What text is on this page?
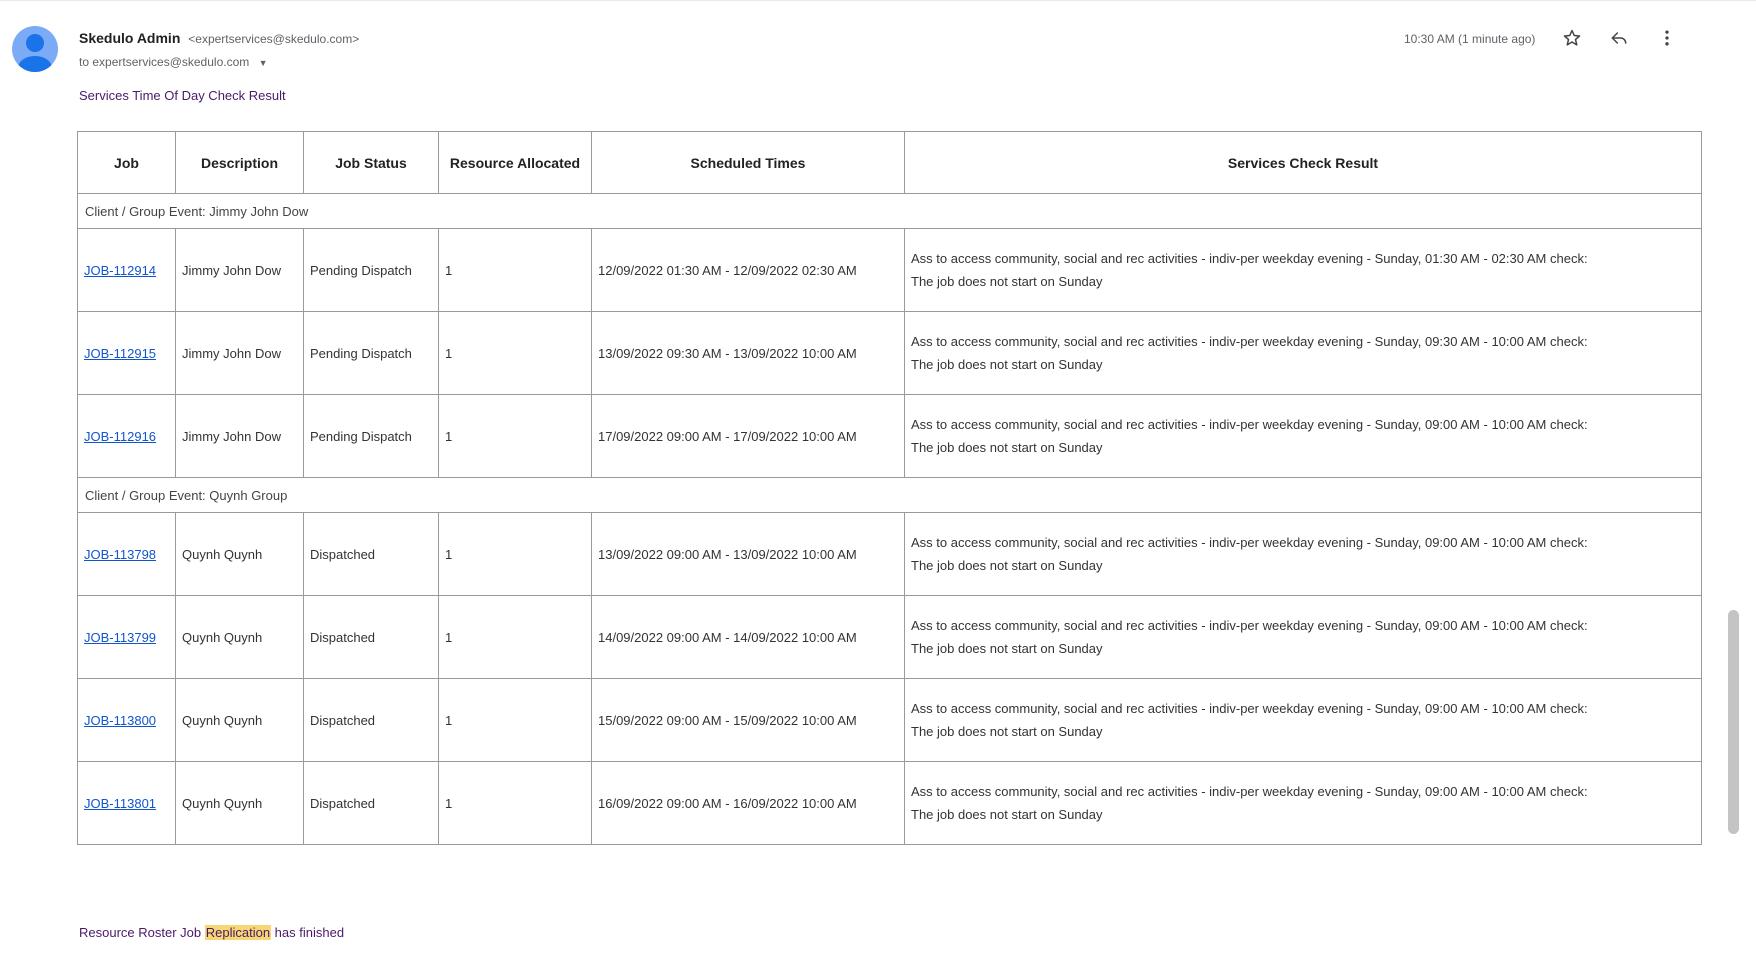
Skedulo Admin <expertservices@skedulo.com>
to expertservices@skedulo.com ▼
10:30 AM (1 minute ago)
Services Time Of Day Check Result
Job	Description	Job Status	Resource Allocated	Scheduled Times	Services Check Result
Client / Group Event: Jimmy John Dow					
JOB-112914	Jimmy John Dow	Pending Dispatch	1	12/09/2022 01:30 AM - 12/09/2022 02:30 AM	Ass to access community, social and rec activities - indiv-per weekday evening - Sunday, 01:30 AM - 02:30 AM check:
The job does not start on Sunday

JOB-112915	Jimmy John Dow	Pending Dispatch	1	13/09/2022 09:30 AM - 13/09/2022 10:00 AM	Ass to access community, social and rec activities - indiv-per weekday evening - Sunday, 09:30 AM - 10:00 AM check:
The job does not start on Sunday

JOB-112916	Jimmy John Dow	Pending Dispatch	1	17/09/2022 09:00 AM - 17/09/2022 10:00 AM	Ass to access community, social and rec activities - indiv-per weekday evening - Sunday, 09:00 AM - 10:00 AM check:
The job does not start on Sunday

Client / Group Event: Quynh Group					
JOB-113798	Quynh Quynh	Dispatched	1	13/09/2022 09:00 AM - 13/09/2022 10:00 AM	Ass to access community, social and rec activities - indiv-per weekday evening - Sunday, 09:00 AM - 10:00 AM check:
The job does not start on Sunday

JOB-113799	Quynh Quynh	Dispatched	1	14/09/2022 09:00 AM - 14/09/2022 10:00 AM	Ass to access community, social and rec activities - indiv-per weekday evening - Sunday, 09:00 AM - 10:00 AM check:
The job does not start on Sunday

JOB-113800	Quynh Quynh	Dispatched	1	15/09/2022 09:00 AM - 15/09/2022 10:00 AM	Ass to access community, social and rec activities - indiv-per weekday evening - Sunday, 09:00 AM - 10:00 AM check:
The job does not start on Sunday

JOB-113801	Quynh Quynh	Dispatched	1	16/09/2022 09:00 AM - 16/09/2022 10:00 AM	Ass to access community, social and rec activities - indiv-per weekday evening - Sunday, 09:00 AM - 10:00 AM check:
The job does not start on Sunday
Resource Roster Job Replication has finished
